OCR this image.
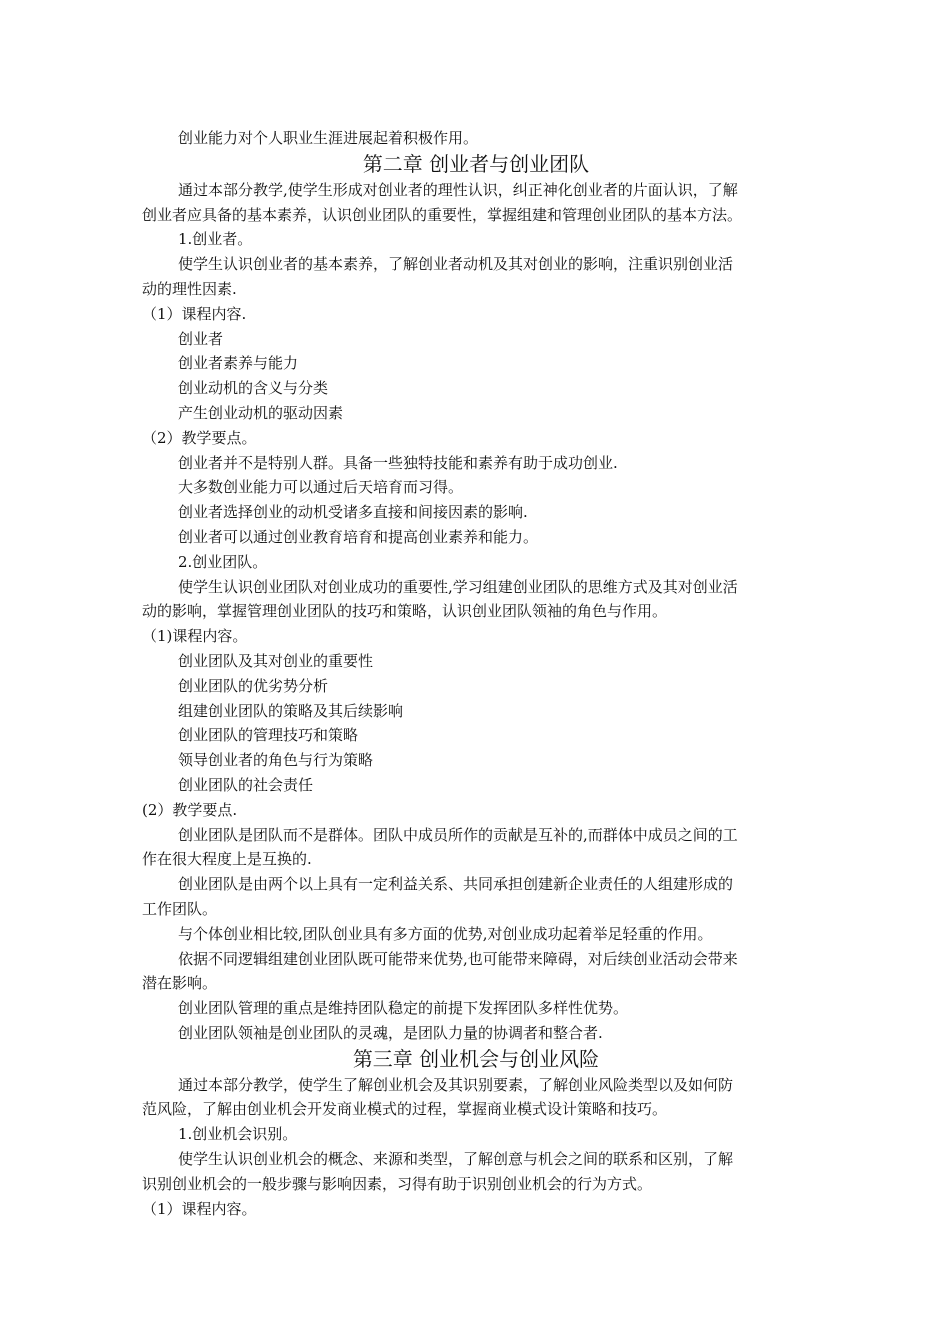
创业能力对个人职业生涯进展起着积极作用。
第二章 创业者与创业团队
通过本部分教学,使学生形成对创业者的理性认识，纠正神化创业者的片面认识，了解
创业者应具备的基本素养，认识创业团队的重要性，掌握组建和管理创业团队的基本方法。
1.创业者。
使学生认识创业者的基本素养，了解创业者动机及其对创业的影响，注重识别创业活
动的理性因素.
（1）课程内容.
创业者
创业者素养与能力
创业动机的含义与分类
产生创业动机的驱动因素
（2）教学要点。
创业者并不是特别人群。具备一些独特技能和素养有助于成功创业.
大多数创业能力可以通过后天培育而习得。
创业者选择创业的动机受诸多直接和间接因素的影响.
创业者可以通过创业教育培育和提高创业素养和能力。
2.创业团队。
使学生认识创业团队对创业成功的重要性,学习组建创业团队的思维方式及其对创业活
动的影响，掌握管理创业团队的技巧和策略，认识创业团队领袖的角色与作用。
（1)课程内容。
创业团队及其对创业的重要性
创业团队的优劣势分析
组建创业团队的策略及其后续影响
创业团队的管理技巧和策略
领导创业者的角色与行为策略
创业团队的社会责任
(2）教学要点.
创业团队是团队而不是群体。团队中成员所作的贡献是互补的,而群体中成员之间的工
作在很大程度上是互换的.
创业团队是由两个以上具有一定利益关系、共同承担创建新企业责任的人组建形成的
工作团队。
与个体创业相比较,团队创业具有多方面的优势,对创业成功起着举足轻重的作用。
依据不同逻辑组建创业团队既可能带来优势,也可能带来障碍，对后续创业活动会带来
潜在影响。
创业团队管理的重点是维持团队稳定的前提下发挥团队多样性优势。
创业团队领袖是创业团队的灵魂，是团队力量的协调者和整合者.
第三章 创业机会与创业风险
通过本部分教学，使学生了解创业机会及其识别要素，了解创业风险类型以及如何防
范风险，了解由创业机会开发商业模式的过程，掌握商业模式设计策略和技巧。
1.创业机会识别。
使学生认识创业机会的概念、来源和类型，了解创意与机会之间的联系和区别，了解
识别创业机会的一般步骤与影响因素，习得有助于识别创业机会的行为方式。
（1）课程内容。
